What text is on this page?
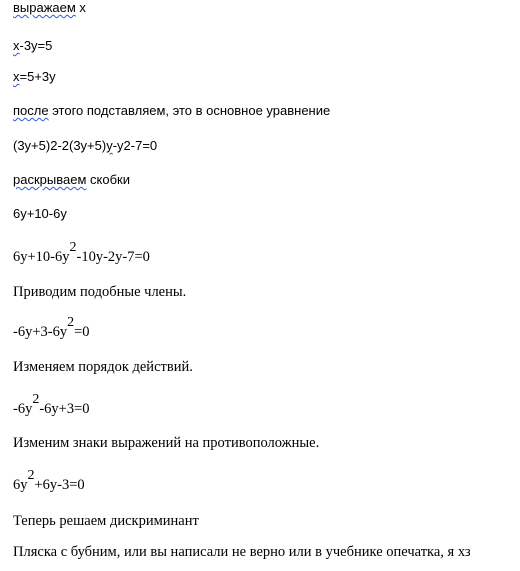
выражаем x
x-3y=5
x=5+3y
после этого подставляем, это в основное уравнение
(3y+5)2-2(3y+5)y-y2-7=0
раскрываем скобки
6y+10-6y
6y+10-6y2-10y-2y-7=0
Приводим подобные члены.
-6y+3-6y2=0
Изменяем порядок действий.
-6y2-6y+3=0
Изменим знаки выражений на противоположные.
6y2+6y-3=0
Теперь решаем дискриминант
Пляска с бубним, или вы написали не верно или в учебнике опечатка, я хз
